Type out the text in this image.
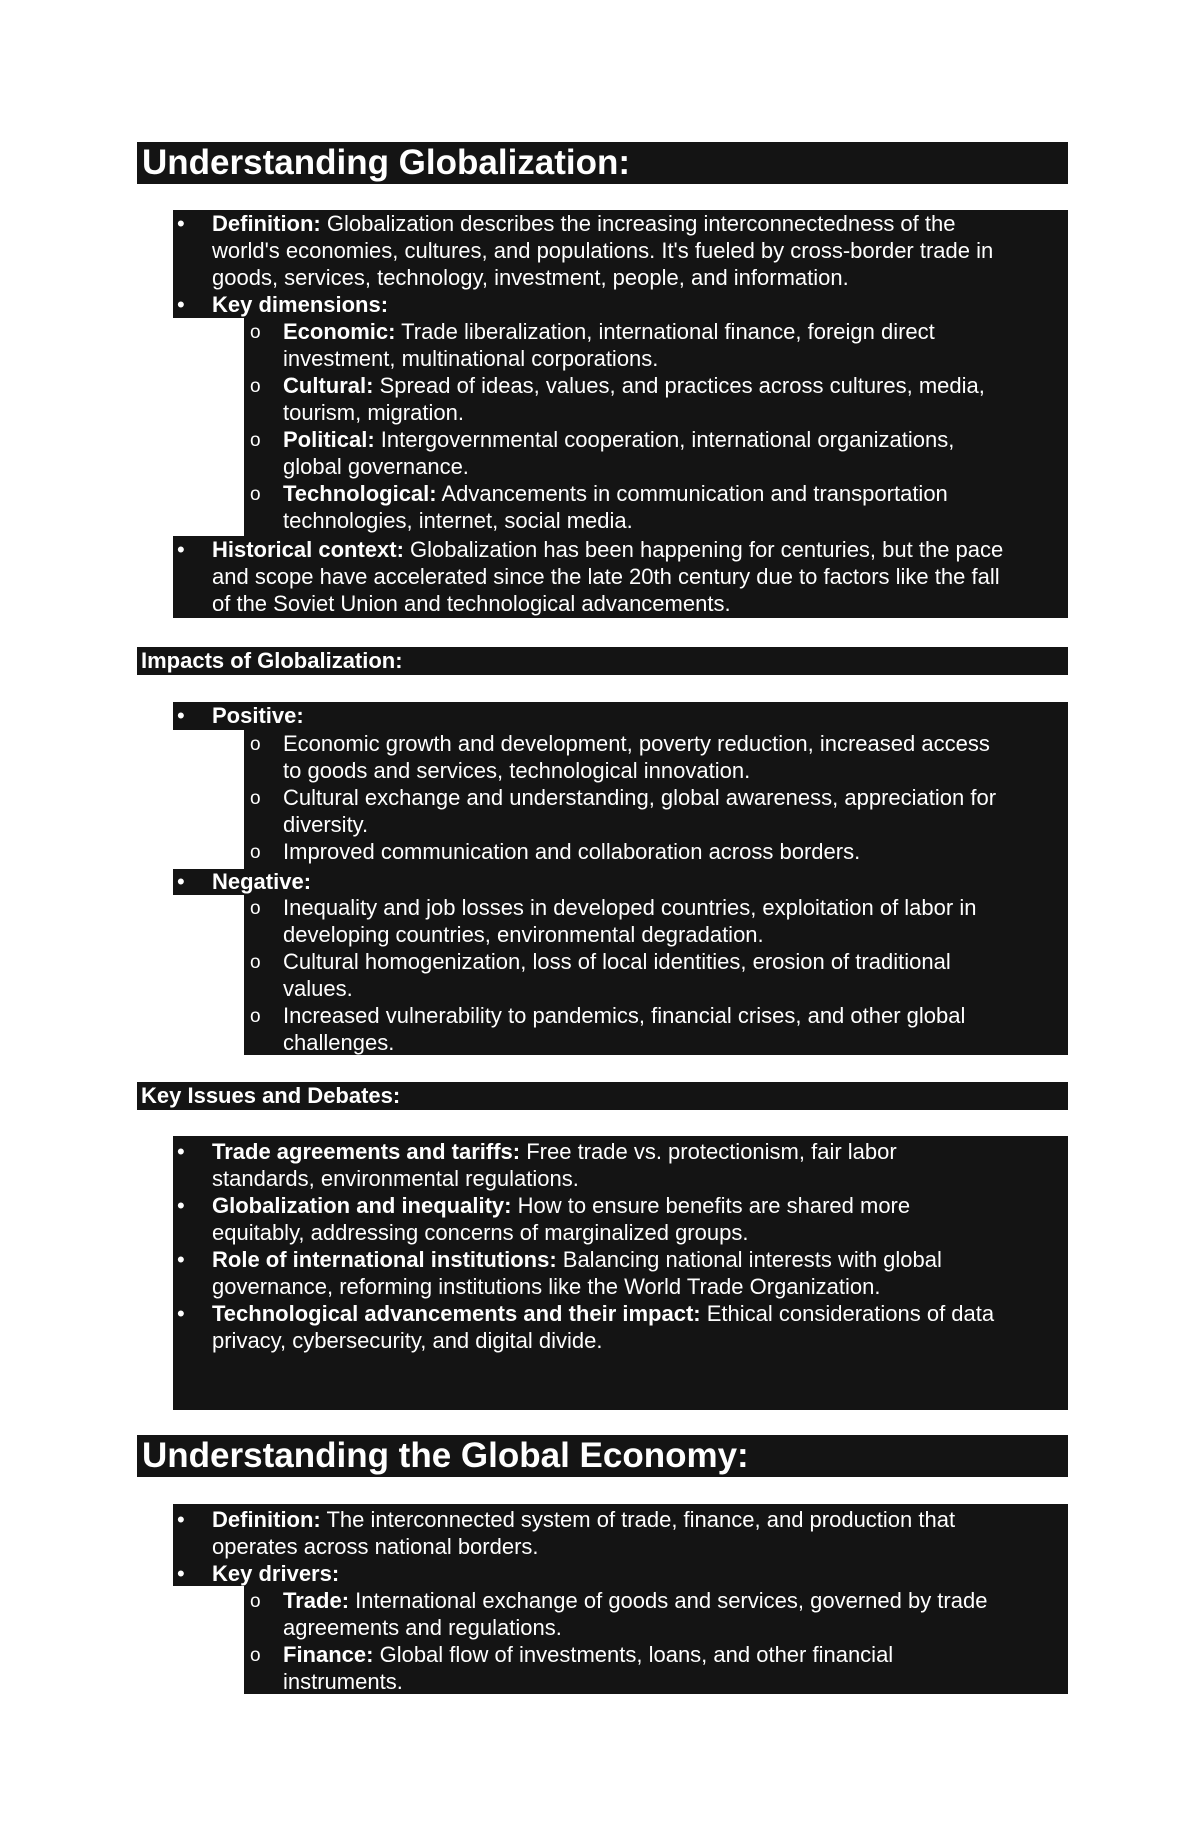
Understanding Globalization:
• Definition: Globalization describes the increasing interconnectedness of the
world's economies, cultures, and populations. It's fueled by cross-border trade in
goods, services, technology, investment, people, and information.
• Key dimensions:
o Economic: Trade liberalization, international finance, foreign direct
investment, multinational corporations.
o Cultural: Spread of ideas, values, and practices across cultures, media,
tourism, migration.
o Political: Intergovernmental cooperation, international organizations,
global governance.
o Technological: Advancements in communication and transportation
technologies, internet, social media.
• Historical context: Globalization has been happening for centuries, but the pace
and scope have accelerated since the late 20th century due to factors like the fall
of the Soviet Union and technological advancements.
Impacts of Globalization:
• Positive:
o Economic growth and development, poverty reduction, increased access
to goods and services, technological innovation.
o Cultural exchange and understanding, global awareness, appreciation for
diversity.
o Improved communication and collaboration across borders.
• Negative:
o Inequality and job losses in developed countries, exploitation of labor in
developing countries, environmental degradation.
o Cultural homogenization, loss of local identities, erosion of traditional
values.
o Increased vulnerability to pandemics, financial crises, and other global
challenges.
Key Issues and Debates:
• Trade agreements and tariffs: Free trade vs. protectionism, fair labor
standards, environmental regulations.
• Globalization and inequality: How to ensure benefits are shared more
equitably, addressing concerns of marginalized groups.
• Role of international institutions: Balancing national interests with global
governance, reforming institutions like the World Trade Organization.
• Technological advancements and their impact: Ethical considerations of data
privacy, cybersecurity, and digital divide.
Understanding the Global Economy:
• Definition: The interconnected system of trade, finance, and production that
operates across national borders.
• Key drivers:
o Trade: International exchange of goods and services, governed by trade
agreements and regulations.
o Finance: Global flow of investments, loans, and other financial
instruments.
